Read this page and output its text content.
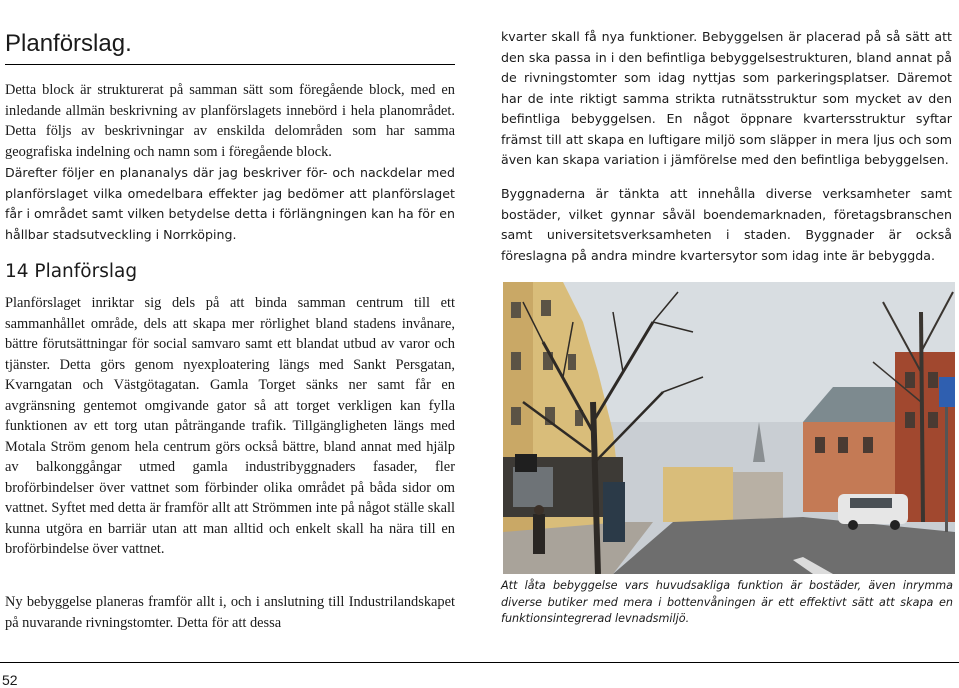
Planförslag.

Detta block är strukturerat på samman sätt som föregående block, med en inledande allmän beskrivning av planförslagets innebörd i hela planområdet. Detta följs av beskrivningar av enskilda delområden som har samma geografiska indelning och namn som i föregående block.

Därefter följer en plananalys där jag beskriver för- och nackdelar med planförslaget vilka omedelbara effekter jag bedömer att planförslaget får i området samt vilken betydelse detta i förlängningen kan ha för en hållbar stadsutveckling i Norrköping.

14 Planförslag

Planförslaget inriktar sig dels på att binda samman centrum till ett sammanhållet område, dels att skapa mer rörlighet bland stadens invånare, bättre förutsättningar för social samvaro samt ett blandat utbud av varor och tjänster. Detta görs genom nyexploatering längs med Sankt Persgatan, Kvarngatan och Västgötagatan. Gamla Torget sänks ner samt får en avgränsning gentemot omgivande gator så att torget verkligen kan fylla funktionen av ett torg utan påträngande trafik. Tillgängligheten längs med Motala Ström genom hela centrum görs också bättre, bland annat med hjälp av balkonggångar utmed gamla industribyggnaders fasader, fler broförbindelser över vattnet som förbinder olika området på båda sidor om vattnet. Syftet med detta är framför allt att Strömmen inte på något ställe skall kunna utgöra en barriär utan att man alltid och enkelt skall ha nära till en broförbindelse över vattnet.

Ny bebyggelse planeras framför allt i, och i anslutning till Industrilandskapet på nuvarande rivningstomter. Detta för att dessa

kvarter skall få nya funktioner. Bebyggelsen är placerad på så sätt att den ska passa in i den befintliga bebyggelsestrukturen, bland annat på de rivningstomter som idag nyttjas som parkeringsplatser. Däremot har de inte riktigt samma strikta rutnätsstruktur som mycket av den befintliga bebyggelsen. En något öppnare kvartersstruktur syftar främst till att skapa en luftigare miljö som släpper in mera ljus och som även kan skapa variation i jämförelse med den befintliga bebyggelsen.

Byggnaderna är tänkta att innehålla diverse verksamheter samt bostäder, vilket gynnar såväl boendemarknaden, företagsbranschen samt universitetsverksamheten i staden. Byggnader är också föreslagna på andra mindre kvartersytor som idag inte är bebyggda.

Att låta bebyggelse vars huvudsakliga funktion är bostäder, även inrymma diverse butiker med mera i bottenvåningen är ett effektivt sätt att skapa en funktionsintegrerad levnadsmiljö.

52
